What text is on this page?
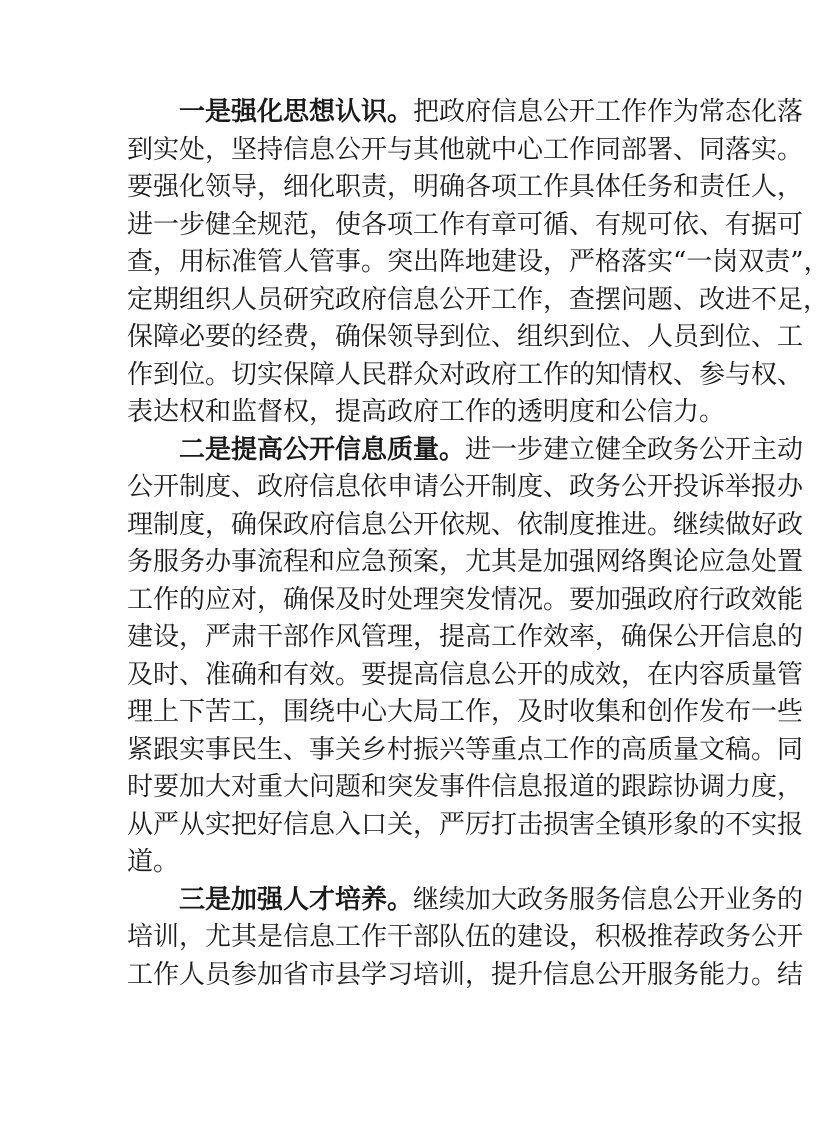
一是强化思想认识。把政府信息公开工作作为常态化落
到实处，坚持信息公开与其他就中心工作同部署、同落实。
要强化领导，细化职责，明确各项工作具体任务和责任人，
进一步健全规范，使各项工作有章可循、有规可依、有据可
查，用标准管人管事。突出阵地建设，严格落实“一岗双责”，
定期组织人员研究政府信息公开工作，查摆问题、改进不足，
保障必要的经费，确保领导到位、组织到位、人员到位、工
作到位。切实保障人民群众对政府工作的知情权、参与权、
表达权和监督权，提高政府工作的透明度和公信力。
二是提高公开信息质量。进一步建立健全政务公开主动
公开制度、政府信息依申请公开制度、政务公开投诉举报办
理制度，确保政府信息公开依规、依制度推进。继续做好政
务服务办事流程和应急预案，尤其是加强网络舆论应急处置
工作的应对，确保及时处理突发情况。要加强政府行政效能
建设，严肃干部作风管理，提高工作效率，确保公开信息的
及时、准确和有效。要提高信息公开的成效，在内容质量管
理上下苦工，围绕中心大局工作，及时收集和创作发布一些
紧跟实事民生、事关乡村振兴等重点工作的高质量文稿。同
时要加大对重大问题和突发事件信息报道的跟踪协调力度，
从严从实把好信息入口关，严厉打击损害全镇形象的不实报
道。
三是加强人才培养。继续加大政务服务信息公开业务的
培训，尤其是信息工作干部队伍的建设，积极推荐政务公开
工作人员参加省市县学习培训，提升信息公开服务能力。结
